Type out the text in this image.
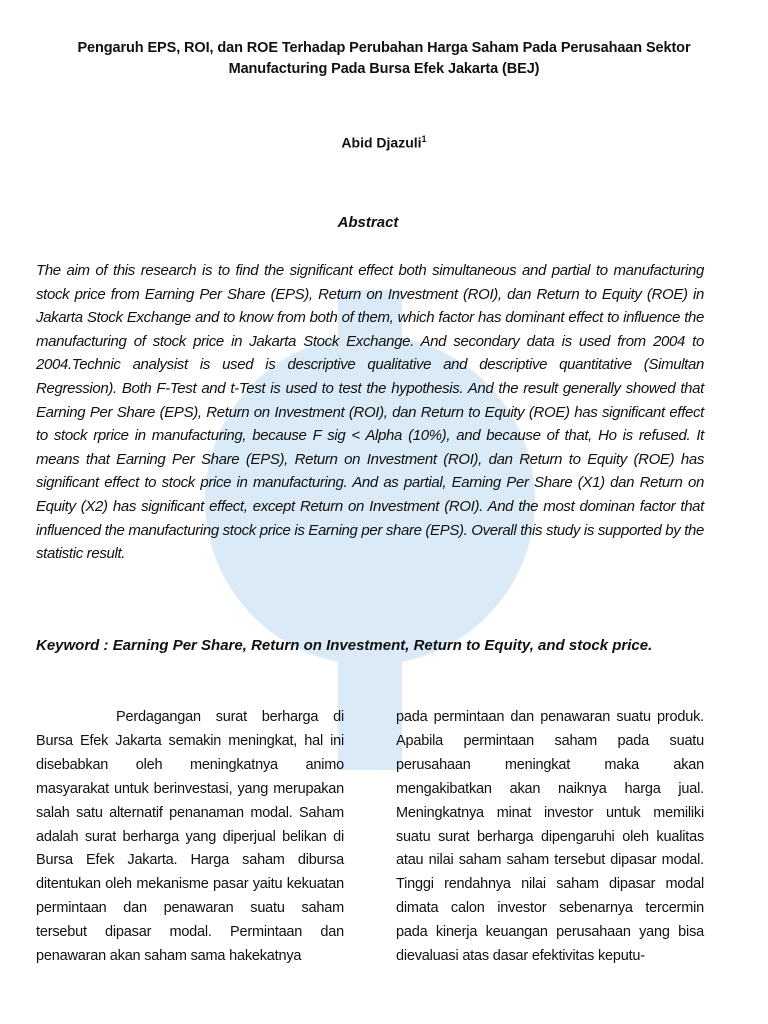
Pengaruh EPS, ROI, dan ROE Terhadap Perubahan Harga Saham Pada Perusahaan Sektor Manufacturing Pada Bursa Efek Jakarta (BEJ)
Abid Djazuli$^1$
Abstract
The aim of this research is to find the significant effect both simultaneous and partial to manufacturing stock price from Earning Per Share (EPS), Return on Investment (ROI), dan Return to Equity (ROE) in Jakarta Stock Exchange and to know from both of them, which factor has dominant effect to influence the manufacturing of stock price in Jakarta Stock Exchange. And secondary data is used from 2004 to 2004.Technic analysist is used is descriptive qualitative and descriptive quantitative (Simultan Regression). Both F-Test and t-Test is used to test the hypothesis. And the result generally showed that Earning Per Share (EPS), Return on Investment (ROI), dan Return to Equity (ROE) has significant effect to stock rprice in manufacturing, because F sig < Alpha (10%), and because of that, Ho is refused. It means that Earning Per Share (EPS), Return on Investment (ROI), dan Return to Equity (ROE) has significant effect to stock price in manufacturing. And as partial, Earning Per Share (X1) dan Return on Equity (X2) has significant effect, except Return on Investment (ROI). And the most dominan factor that influenced the manufacturing stock price is Earning per share (EPS). Overall this study is supported by the statistic result.
Keyword : Earning Per Share, Return on Investment, Return to Equity, and stock price.
Perdagangan surat berharga di Bursa Efek Jakarta semakin meningkat, hal ini disebabkan oleh meningkatnya animo masyarakat untuk berinvestasi, yang merupakan salah satu alternatif penanaman modal. Saham adalah surat berharga yang diperjual belikan di Bursa Efek Jakarta. Harga saham dibursa ditentukan oleh mekanisme pasar yaitu kekuatan permintaan dan penawaran suatu saham tersebut dipasar modal. Permintaan dan penawaran akan saham sama hakekatnya
pada permintaan dan penawaran suatu produk. Apabila permintaan saham pada suatu perusahaan meningkat maka akan mengakibatkan akan naiknya harga jual. Meningkatnya minat investor untuk memiliki suatu surat berharga dipengaruhi oleh kualitas atau nilai saham saham tersebut dipasar modal. Tinggi rendahnya nilai saham dipasar modal dimata calon investor sebenarnya tercermin pada kinerja keuangan perusahaan yang bisa dievaluasi atas dasar efektivitas keputu-
